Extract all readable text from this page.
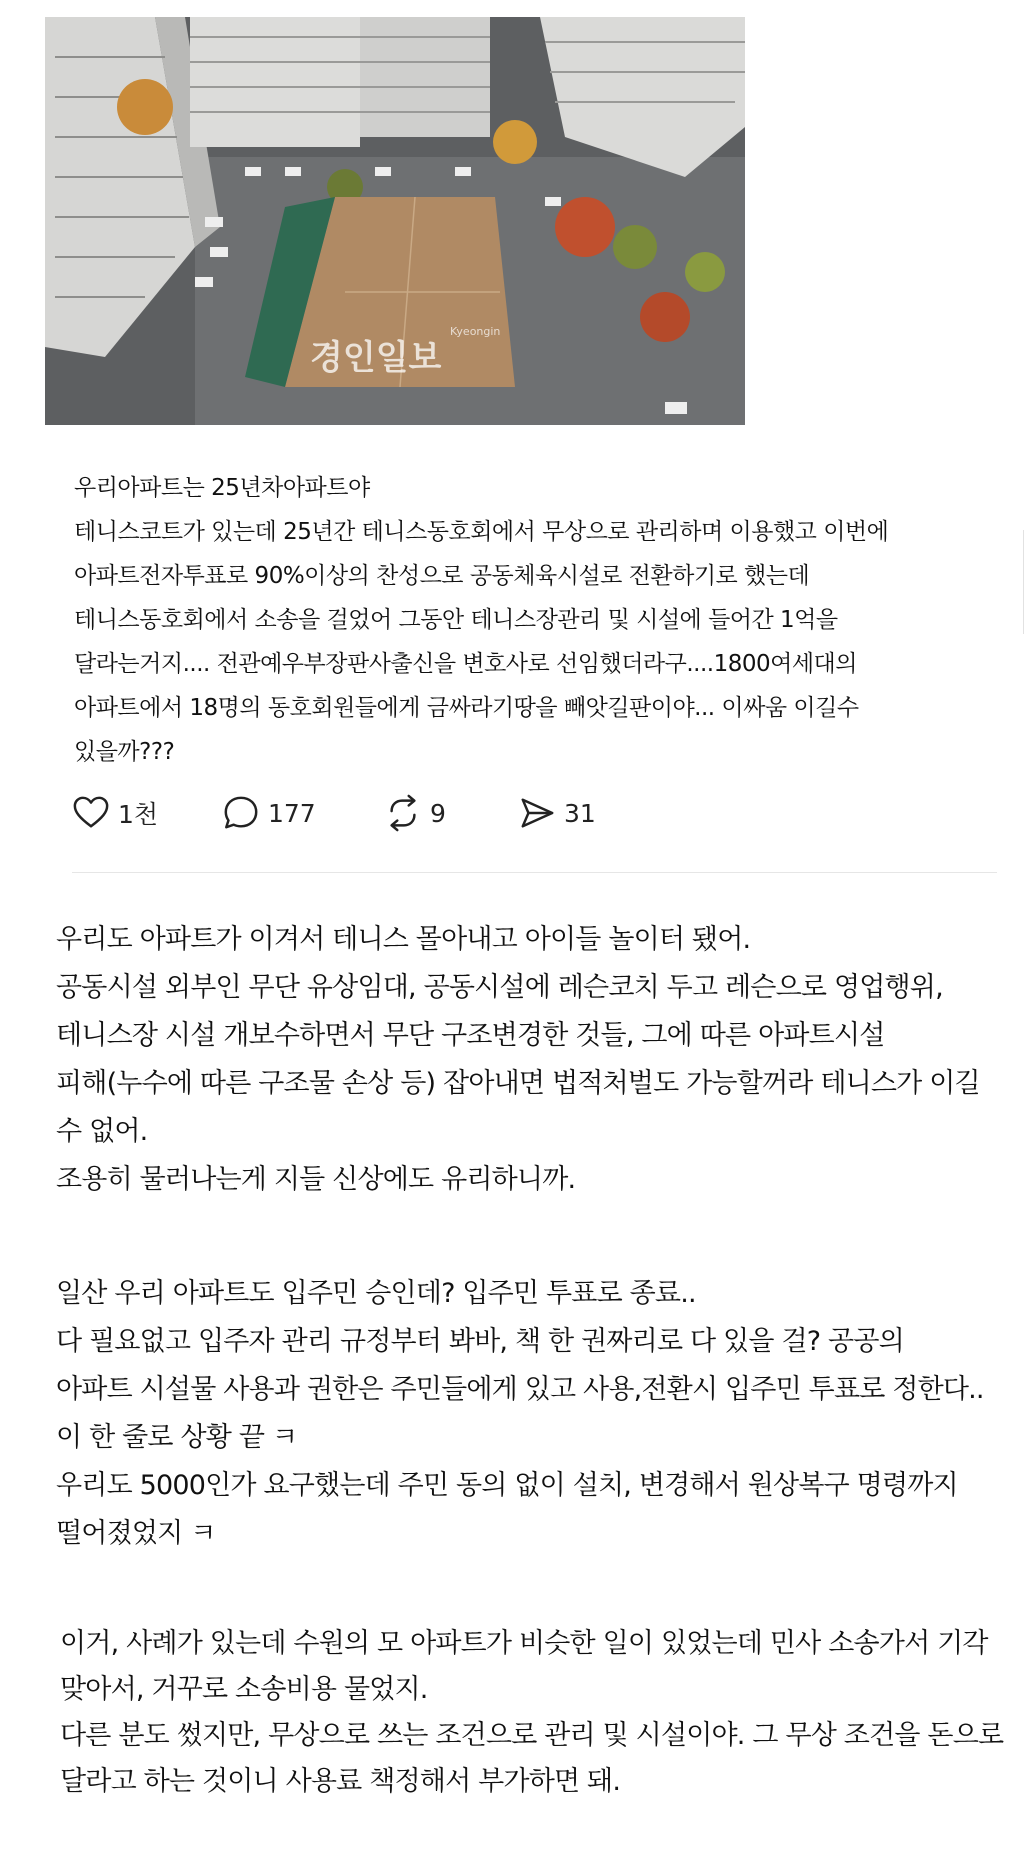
경인일보
Kyeongin

우리아파트는 25년차아파트야

테니스코트가 있는데 25년간 테니스동호회에서 무상으로 관리하며 이용했고 이번에

아파트전자투표로 90%이상의 찬성으로 공동체육시설로 전환하기로 했는데

테니스동호회에서 소송을 걸었어 그동안 테니스장관리 및 시설에 들어간 1억을

달라는거지.... 전관예우부장판사출신을 변호사로 선임했더라구....1800여세대의

아파트에서 18명의 동호회원들에게 금싸라기땅을 빼앗길판이야... 이싸움 이길수

있을까???

1천	177	9	31

우리도 아파트가 이겨서 테니스 몰아내고 아이들 놀이터 됐어.

공동시설 외부인 무단 유상임대, 공동시설에 레슨코치 두고 레슨으로 영업행위,

테니스장 시설 개보수하면서 무단 구조변경한 것들, 그에 따른 아파트시설

피해(누수에 따른 구조물 손상 등) 잡아내면 법적처벌도 가능할꺼라 테니스가 이길

수 없어.

조용히 물러나는게 지들 신상에도 유리하니까.

일산 우리 아파트도 입주민 승인데? 입주민 투표로 종료..

다 필요없고 입주자 관리 규정부터 봐바, 책 한 권짜리로 다 있을 걸? 공공의

아파트 시설물 사용과 권한은 주민들에게 있고 사용,전환시 입주민 투표로 정한다..

이 한 줄로 상황 끝 ㅋ

우리도 5000인가 요구했는데 주민 동의 없이 설치, 변경해서 원상복구 명령까지

떨어졌었지 ㅋ

이거, 사례가 있는데 수원의 모 아파트가 비슷한 일이 있었는데 민사 소송가서 기각

맞아서, 거꾸로 소송비용 물었지.

다른 분도 썼지만, 무상으로 쓰는 조건으로 관리 및 시설이야. 그 무상 조건을 돈으로

달라고 하는 것이니 사용료 책정해서 부가하면 돼.
